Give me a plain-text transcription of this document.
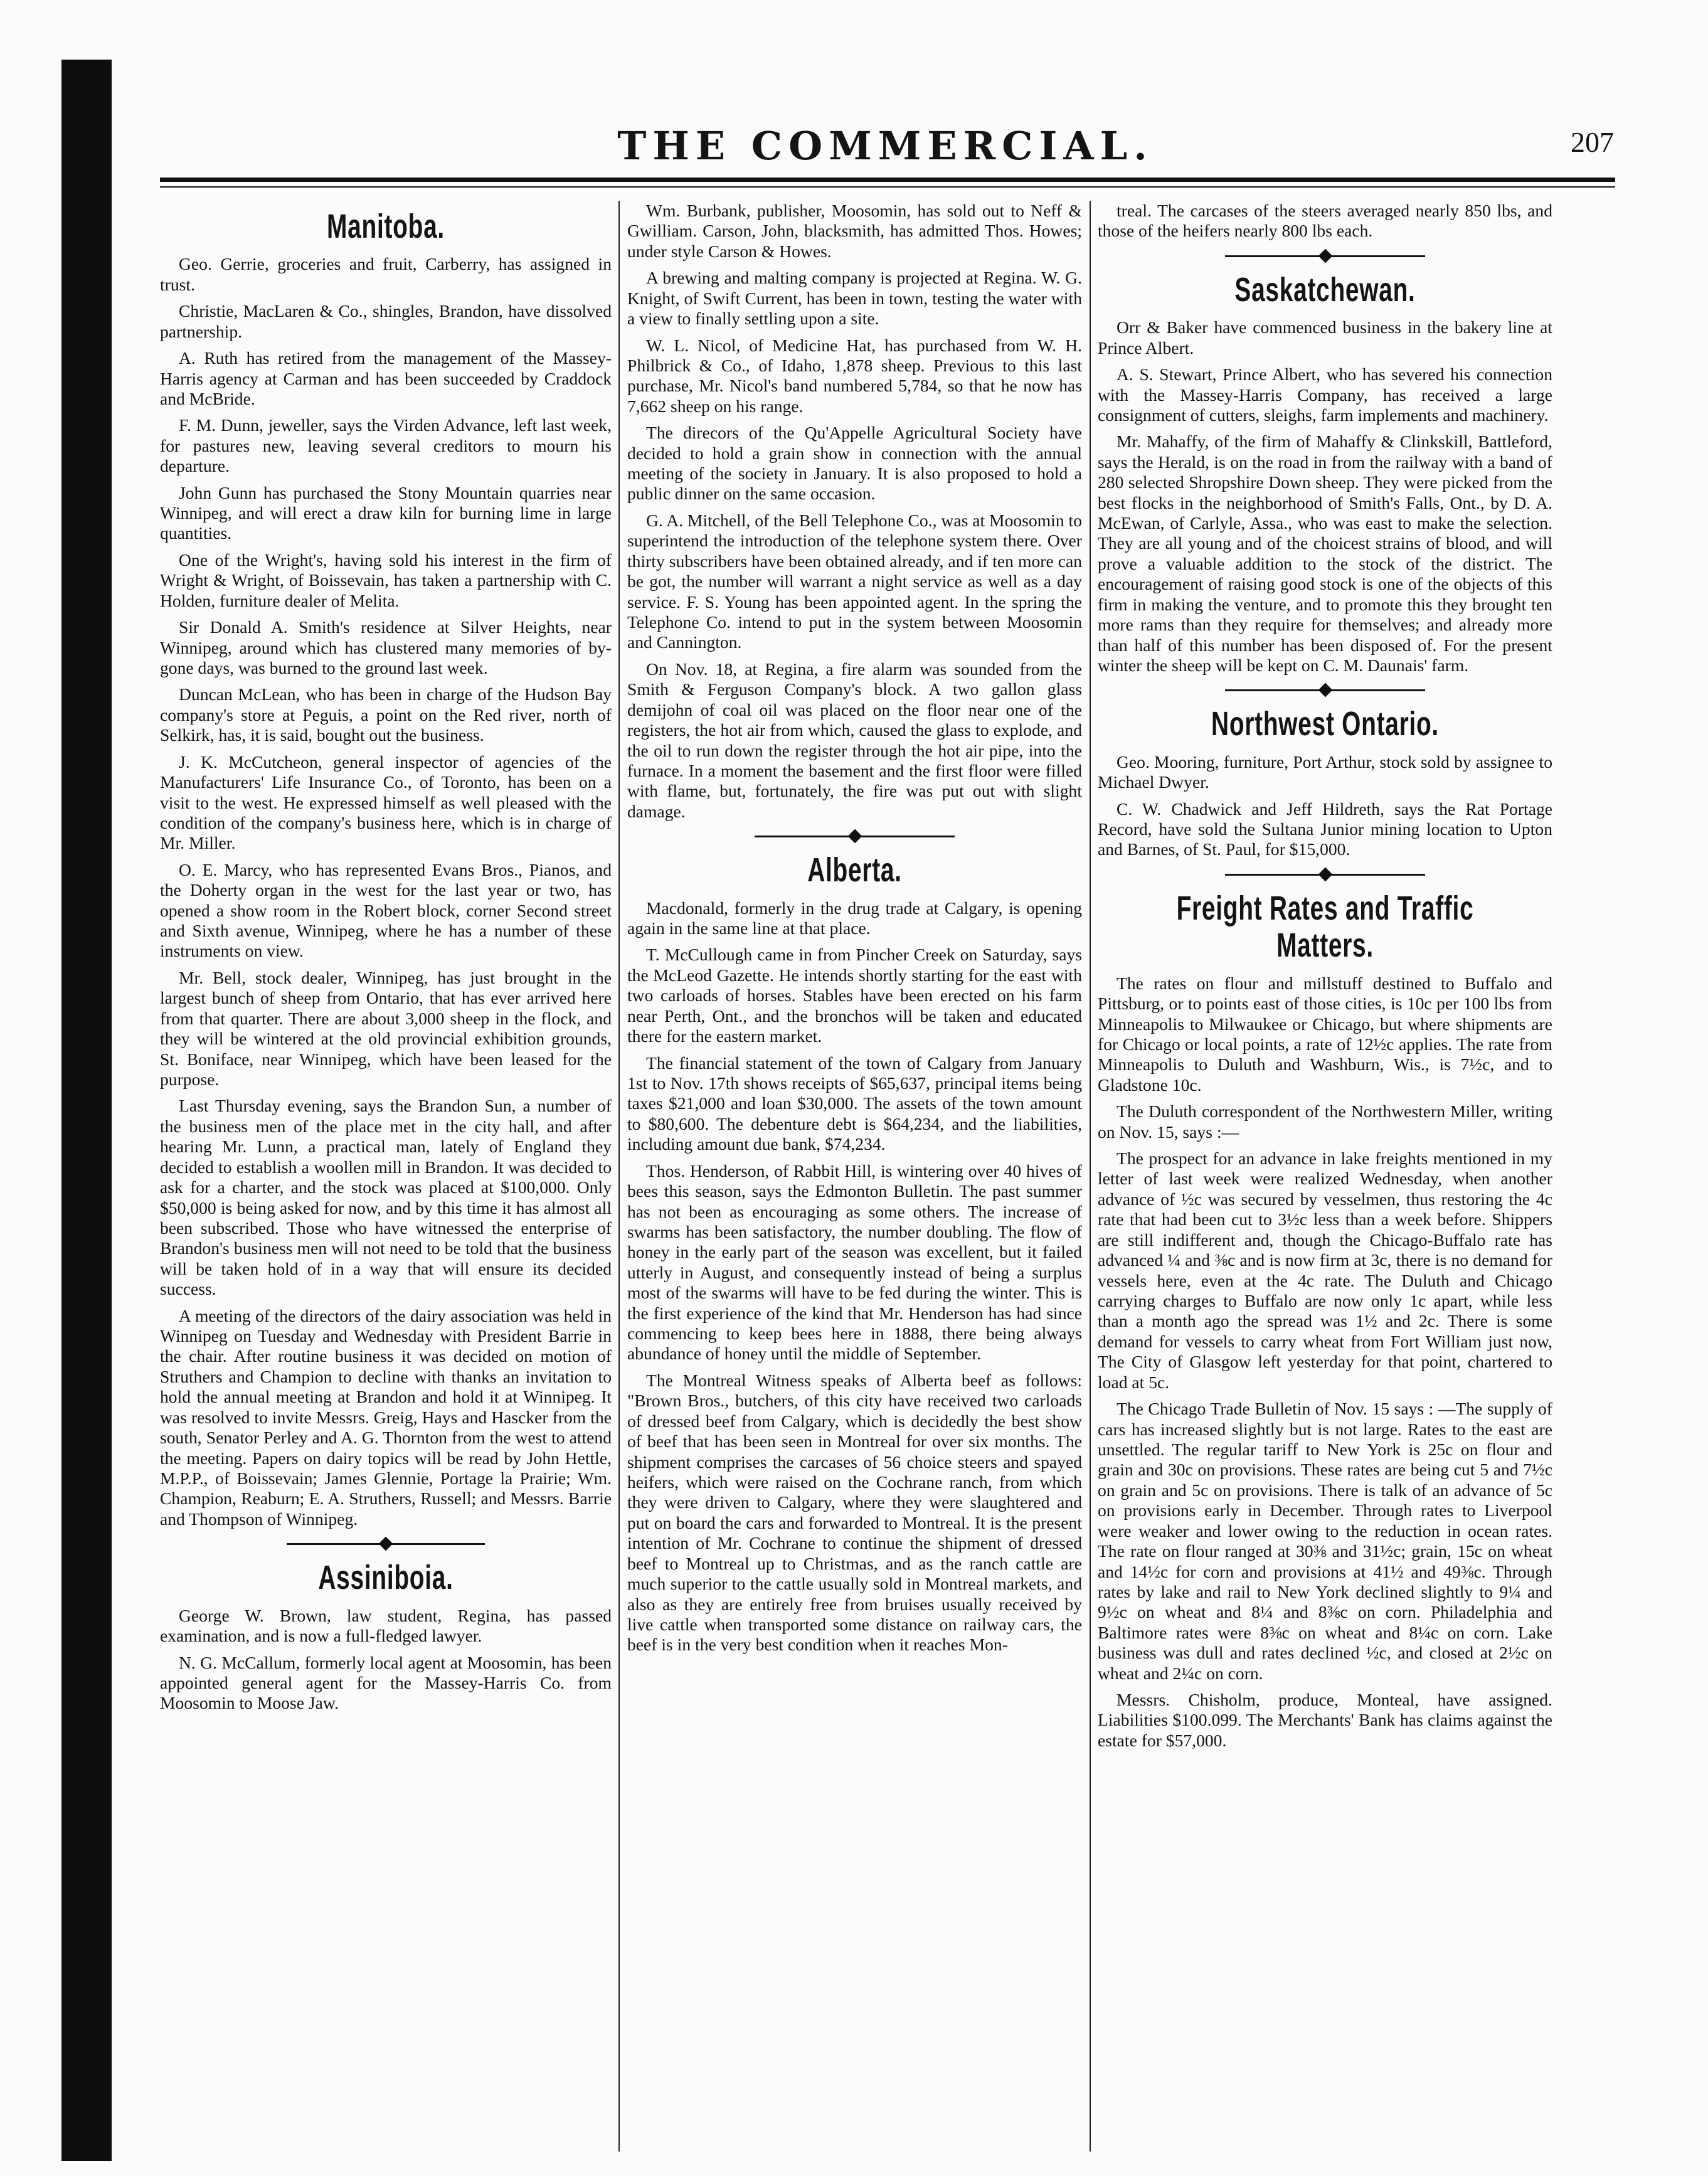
THE COMMERCIAL.	207
Manitoba.

Geo. Gerrie, groceries and fruit, Carberry, has assigned in trust.

Christie, MacLaren & Co., shingles, Brandon, have dissolved partnership.

A. Ruth has retired from the management of the Massey-Harris agency at Carman and has been succeeded by Craddock and McBride.

F. M. Dunn, jeweller, says the Virden Advance, left last week, for pastures new, leaving several creditors to mourn his departure.

John Gunn has purchased the Stony Mountain quarries near Winnipeg, and will erect a draw kiln for burning lime in large quantities.

One of the Wright's, having sold his interest in the firm of Wright & Wright, of Boissevain, has taken a partnership with C. Holden, furniture dealer of Melita.

Sir Donald A. Smith's residence at Silver Heights, near Winnipeg, around which has clustered many memories of by-gone days, was burned to the ground last week.

Duncan McLean, who has been in charge of the Hudson Bay company's store at Peguis, a point on the Red river, north of Selkirk, has, it is said, bought out the business.

J. K. McCutcheon, general inspector of agencies of the Manufacturers' Life Insurance Co., of Toronto, has been on a visit to the west. He expressed himself as well pleased with the condition of the company's business here, which is in charge of Mr. Miller.

O. E. Marcy, who has represented Evans Bros., Pianos, and the Doherty organ in the west for the last year or two, has opened a show room in the Robert block, corner Second street and Sixth avenue, Winnipeg, where he has a number of these instruments on view.

Mr. Bell, stock dealer, Winnipeg, has just brought in the largest bunch of sheep from Ontario, that has ever arrived here from that quarter. There are about 3,000 sheep in the flock, and they will be wintered at the old provincial exhibition grounds, St. Boniface, near Winnipeg, which have been leased for the purpose.

Last Thursday evening, says the Brandon Sun, a number of the business men of the place met in the city hall, and after hearing Mr. Lunn, a practical man, lately of England they decided to establish a woollen mill in Brandon. It was decided to ask for a charter, and the stock was placed at $100,000. Only $50,000 is being asked for now, and by this time it has almost all been subscribed. Those who have witnessed the enterprise of Brandon's business men will not need to be told that the business will be taken hold of in a way that will ensure its decided success.

A meeting of the directors of the dairy association was held in Winnipeg on Tuesday and Wednesday with President Barrie in the chair. After routine business it was decided on motion of Struthers and Champion to decline with thanks an invitation to hold the annual meeting at Brandon and hold it at Winnipeg. It was resolved to invite Messrs. Greig, Hays and Hascker from the south, Senator Perley and A. G. Thornton from the west to attend the meeting. Papers on dairy topics will be read by John Hettle, M.P.P., of Boissevain; James Glennie, Portage la Prairie; Wm. Champion, Reaburn; E. A. Struthers, Russell; and Messrs. Barrie and Thompson of Winnipeg.

Assiniboia.

George W. Brown, law student, Regina, has passed examination, and is now a full-fledged lawyer.

N. G. McCallum, formerly local agent at Moosomin, has been appointed general agent for the Massey-Harris Co. from Moosomin to Moose Jaw.

Wm. Burbank, publisher, Moosomin, has sold out to Neff & Gwilliam. Carson, John, blacksmith, has admitted Thos. Howes; under style Carson & Howes.

A brewing and malting company is projected at Regina. W. G. Knight, of Swift Current, has been in town, testing the water with a view to finally settling upon a site.

W. L. Nicol, of Medicine Hat, has purchased from W. H. Philbrick & Co., of Idaho, 1,878 sheep. Previous to this last purchase, Mr. Nicol's band numbered 5,784, so that he now has 7,662 sheep on his range.

The direcors of the Qu'Appelle Agricultural Society have decided to hold a grain show in connection with the annual meeting of the society in January. It is also proposed to hold a public dinner on the same occasion.

G. A. Mitchell, of the Bell Telephone Co., was at Moosomin to superintend the introduction of the telephone system there. Over thirty subscribers have been obtained already, and if ten more can be got, the number will warrant a night service as well as a day service. F. S. Young has been appointed agent. In the spring the Telephone Co. intend to put in the system between Moosomin and Cannington.

On Nov. 18, at Regina, a fire alarm was sounded from the Smith & Ferguson Company's block. A two gallon glass demijohn of coal oil was placed on the floor near one of the registers, the hot air from which, caused the glass to explode, and the oil to run down the register through the hot air pipe, into the furnace. In a moment the basement and the first floor were filled with flame, but, fortunately, the fire was put out with slight damage.

Alberta.

Macdonald, formerly in the drug trade at Calgary, is opening again in the same line at that place.

T. McCullough came in from Pincher Creek on Saturday, says the McLeod Gazette. He intends shortly starting for the east with two carloads of horses. Stables have been erected on his farm near Perth, Ont., and the bronchos will be taken and educated there for the eastern market.

The financial statement of the town of Calgary from January 1st to Nov. 17th shows receipts of $65,637, principal items being taxes $21,000 and loan $30,000. The assets of the town amount to $80,600. The debenture debt is $64,234, and the liabilities, including amount due bank, $74,234.

Thos. Henderson, of Rabbit Hill, is wintering over 40 hives of bees this season, says the Edmonton Bulletin. The past summer has not been as encouraging as some others. The increase of swarms has been satisfactory, the number doubling. The flow of honey in the early part of the season was excellent, but it failed utterly in August, and consequently instead of being a surplus most of the swarms will have to be fed during the winter. This is the first experience of the kind that Mr. Henderson has had since commencing to keep bees here in 1888, there being always abundance of honey until the middle of September.

The Montreal Witness speaks of Alberta beef as follows: "Brown Bros., butchers, of this city have received two carloads of dressed beef from Calgary, which is decidedly the best show of beef that has been seen in Montreal for over six months. The shipment comprises the carcases of 56 choice steers and spayed heifers, which were raised on the Cochrane ranch, from which they were driven to Calgary, where they were slaughtered and put on board the cars and forwarded to Montreal. It is the present intention of Mr. Cochrane to continue the shipment of dressed beef to Montreal up to Christmas, and as the ranch cattle are much superior to the cattle usually sold in Montreal markets, and also as they are entirely free from bruises usually received by live cattle when transported some distance on railway cars, the beef is in the very best condition when it reaches Mon-

treal. The carcases of the steers averaged nearly 850 lbs, and those of the heifers nearly 800 lbs each.

Saskatchewan.

Orr & Baker have commenced business in the bakery line at Prince Albert.

A. S. Stewart, Prince Albert, who has severed his connection with the Massey-Harris Company, has received a large consignment of cutters, sleighs, farm implements and machinery.

Mr. Mahaffy, of the firm of Mahaffy & Clinkskill, Battleford, says the Herald, is on the road in from the railway with a band of 280 selected Shropshire Down sheep. They were picked from the best flocks in the neighborhood of Smith's Falls, Ont., by D. A. McEwan, of Carlyle, Assa., who was east to make the selection. They are all young and of the choicest strains of blood, and will prove a valuable addition to the stock of the district. The encouragement of raising good stock is one of the objects of this firm in making the venture, and to promote this they brought ten more rams than they require for themselves; and already more than half of this number has been disposed of. For the present winter the sheep will be kept on C. M. Daunais' farm.

Northwest Ontario.

Geo. Mooring, furniture, Port Arthur, stock sold by assignee to Michael Dwyer.

C. W. Chadwick and Jeff Hildreth, says the Rat Portage Record, have sold the Sultana Junior mining location to Upton and Barnes, of St. Paul, for $15,000.

Freight Rates and Traffic Matters.

The rates on flour and millstuff destined to Buffalo and Pittsburg, or to points east of those cities, is 10c per 100 lbs from Minneapolis to Milwaukee or Chicago, but where shipments are for Chicago or local points, a rate of 12½c applies. The rate from Minneapolis to Duluth and Washburn, Wis., is 7½c, and to Gladstone 10c.

The Duluth correspondent of the Northwestern Miller, writing on Nov. 15, says :—

The prospect for an advance in lake freights mentioned in my letter of last week were realized Wednesday, when another advance of ½c was secured by vesselmen, thus restoring the 4c rate that had been cut to 3½c less than a week before. Shippers are still indifferent and, though the Chicago-Buffalo rate has advanced ¼ and ⅜c and is now firm at 3c, there is no demand for vessels here, even at the 4c rate. The Duluth and Chicago carrying charges to Buffalo are now only 1c apart, while less than a month ago the spread was 1½ and 2c. There is some demand for vessels to carry wheat from Fort William just now, The City of Glasgow left yesterday for that point, chartered to load at 5c.

The Chicago Trade Bulletin of Nov. 15 says : —The supply of cars has increased slightly but is not large. Rates to the east are unsettled. The regular tariff to New York is 25c on flour and grain and 30c on provisions. These rates are being cut 5 and 7½c on grain and 5c on provisions. There is talk of an advance of 5c on provisions early in December. Through rates to Liverpool were weaker and lower owing to the reduction in ocean rates. The rate on flour ranged at 30⅜ and 31½c; grain, 15c on wheat and 14½c for corn and provisions at 41½ and 49⅜c. Through rates by lake and rail to New York declined slightly to 9¼ and 9½c on wheat and 8¼ and 8⅜c on corn. Philadelphia and Baltimore rates were 8⅜c on wheat and 8¼c on corn. Lake business was dull and rates declined ½c, and closed at 2½c on wheat and 2¼c on corn.

Messrs. Chisholm, produce, Monteal, have assigned. Liabilities $100.099. The Merchants' Bank has claims against the estate for $57,000.
